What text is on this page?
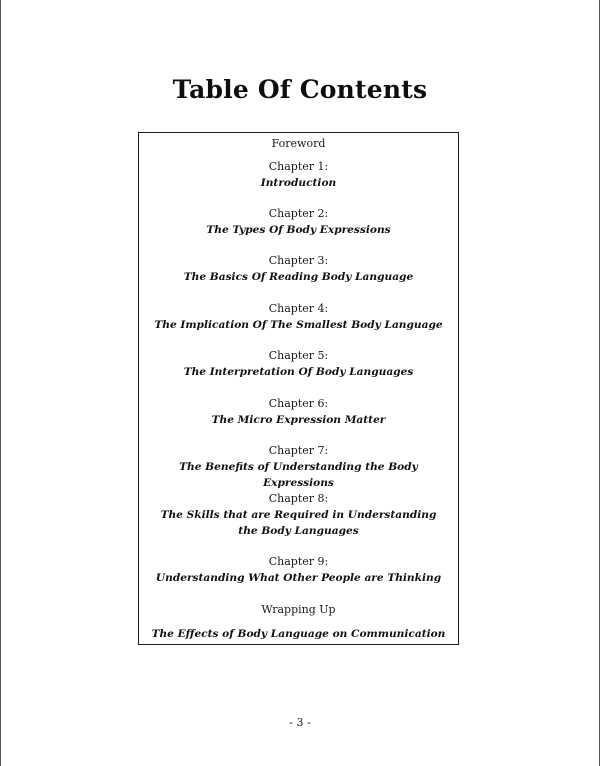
Table Of Contents
Foreword
Chapter 1:
Introduction
Chapter 2:
The Types Of Body Expressions
Chapter 3:
The Basics Of Reading Body Language
Chapter 4:
The Implication Of The Smallest Body Language
Chapter 5:
The Interpretation Of Body Languages
Chapter 6:
The Micro Expression Matter
Chapter 7:
The Benefits of Understanding the Body Expressions
Chapter 8:
The Skills that are Required in Understanding the Body Languages
Chapter 9:
Understanding What Other People are Thinking
Wrapping Up
The Effects of Body Language on Communication
- 3 -
